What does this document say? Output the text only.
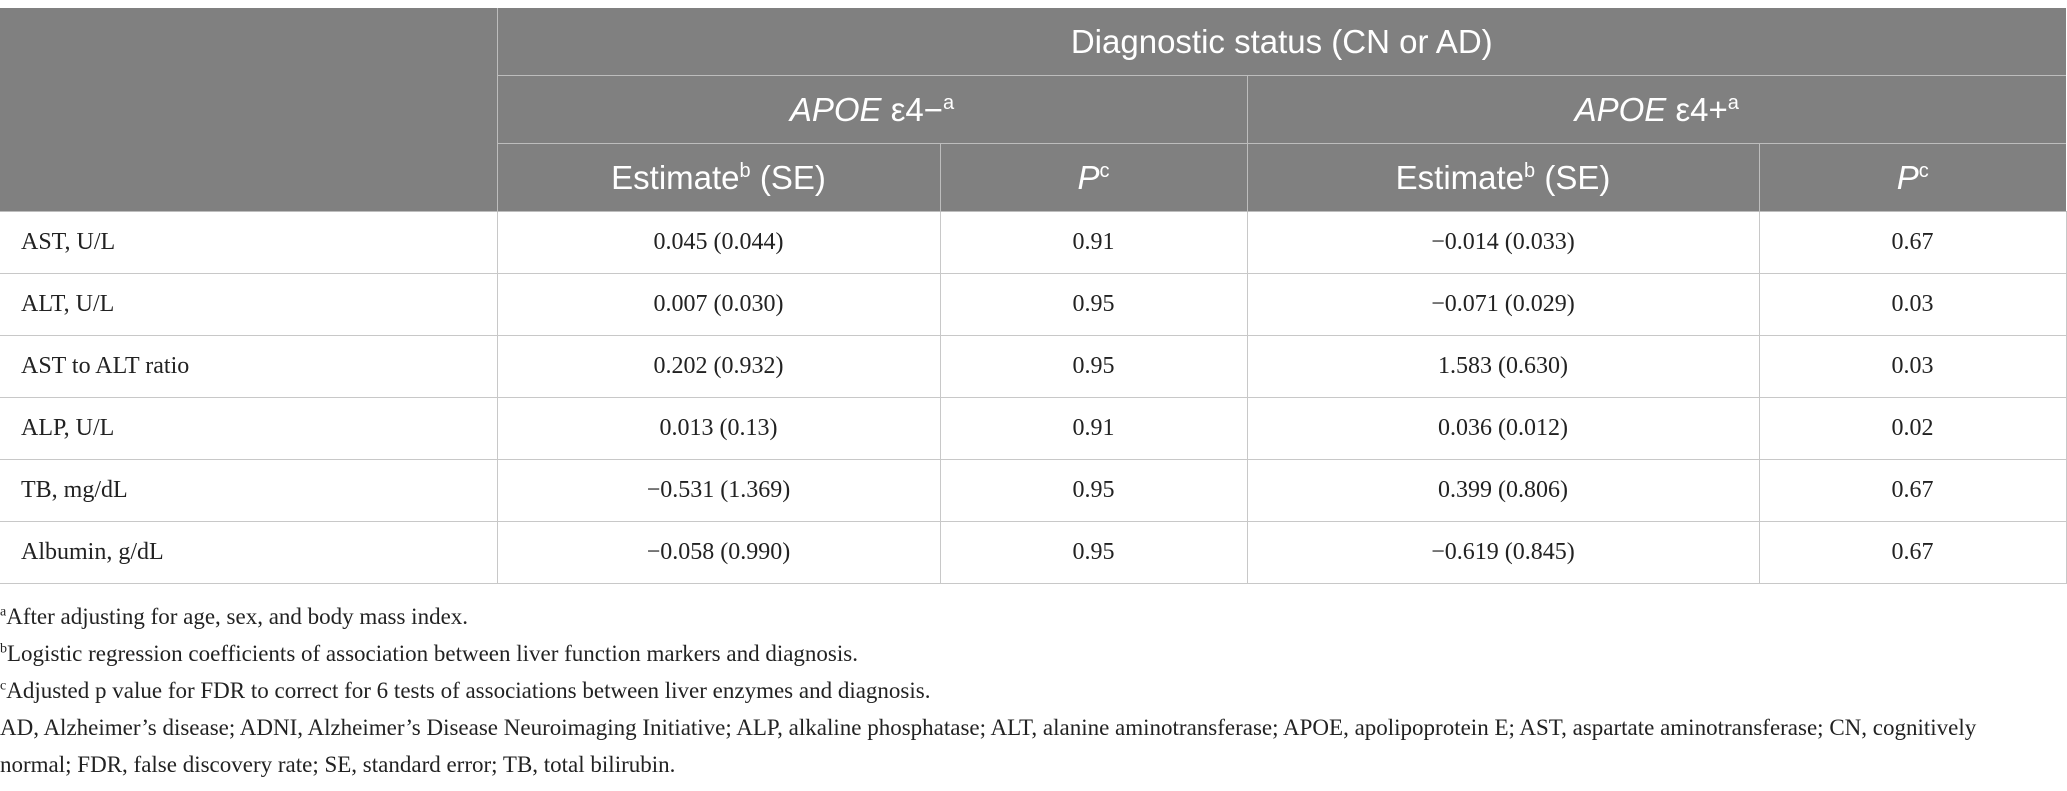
	Diagnostic status (CN or AD)			
	APOE ε4−$^a$		APOE ε4+$^a$
	Estimate$^b$ (SE)	$P^c$	Estimate$^b$ (SE)	$P^c$
AST, U/L	0.045 (0.044)	0.91	−0.014 (0.033)	0.67
ALT, U/L	0.007 (0.030)	0.95	−0.071 (0.029)	0.03
AST to ALT ratio	0.202 (0.932)	0.95	1.583 (0.630)	0.03
ALP, U/L	0.013 (0.13)	0.91	0.036 (0.012)	0.02
TB, mg/dL	−0.531 (1.369)	0.95	0.399 (0.806)	0.67
Albumin, g/dL	−0.058 (0.990)	0.95	−0.619 (0.845)	0.67

$^a$After adjusting for age, sex, and body mass index.

$^b$Logistic regression coefficients of association between liver function markers and diagnosis.

$^c$Adjusted p value for FDR to correct for 6 tests of associations between liver enzymes and diagnosis.

AD, Alzheimer’s disease; ADNI, Alzheimer’s Disease Neuroimaging Initiative; ALP, alkaline phosphatase; ALT, alanine aminotransferase; APOE, apolipoprotein E; AST, aspartate aminotransferase; CN, cognitively normal; FDR, false discovery rate; SE, standard error; TB, total bilirubin.
